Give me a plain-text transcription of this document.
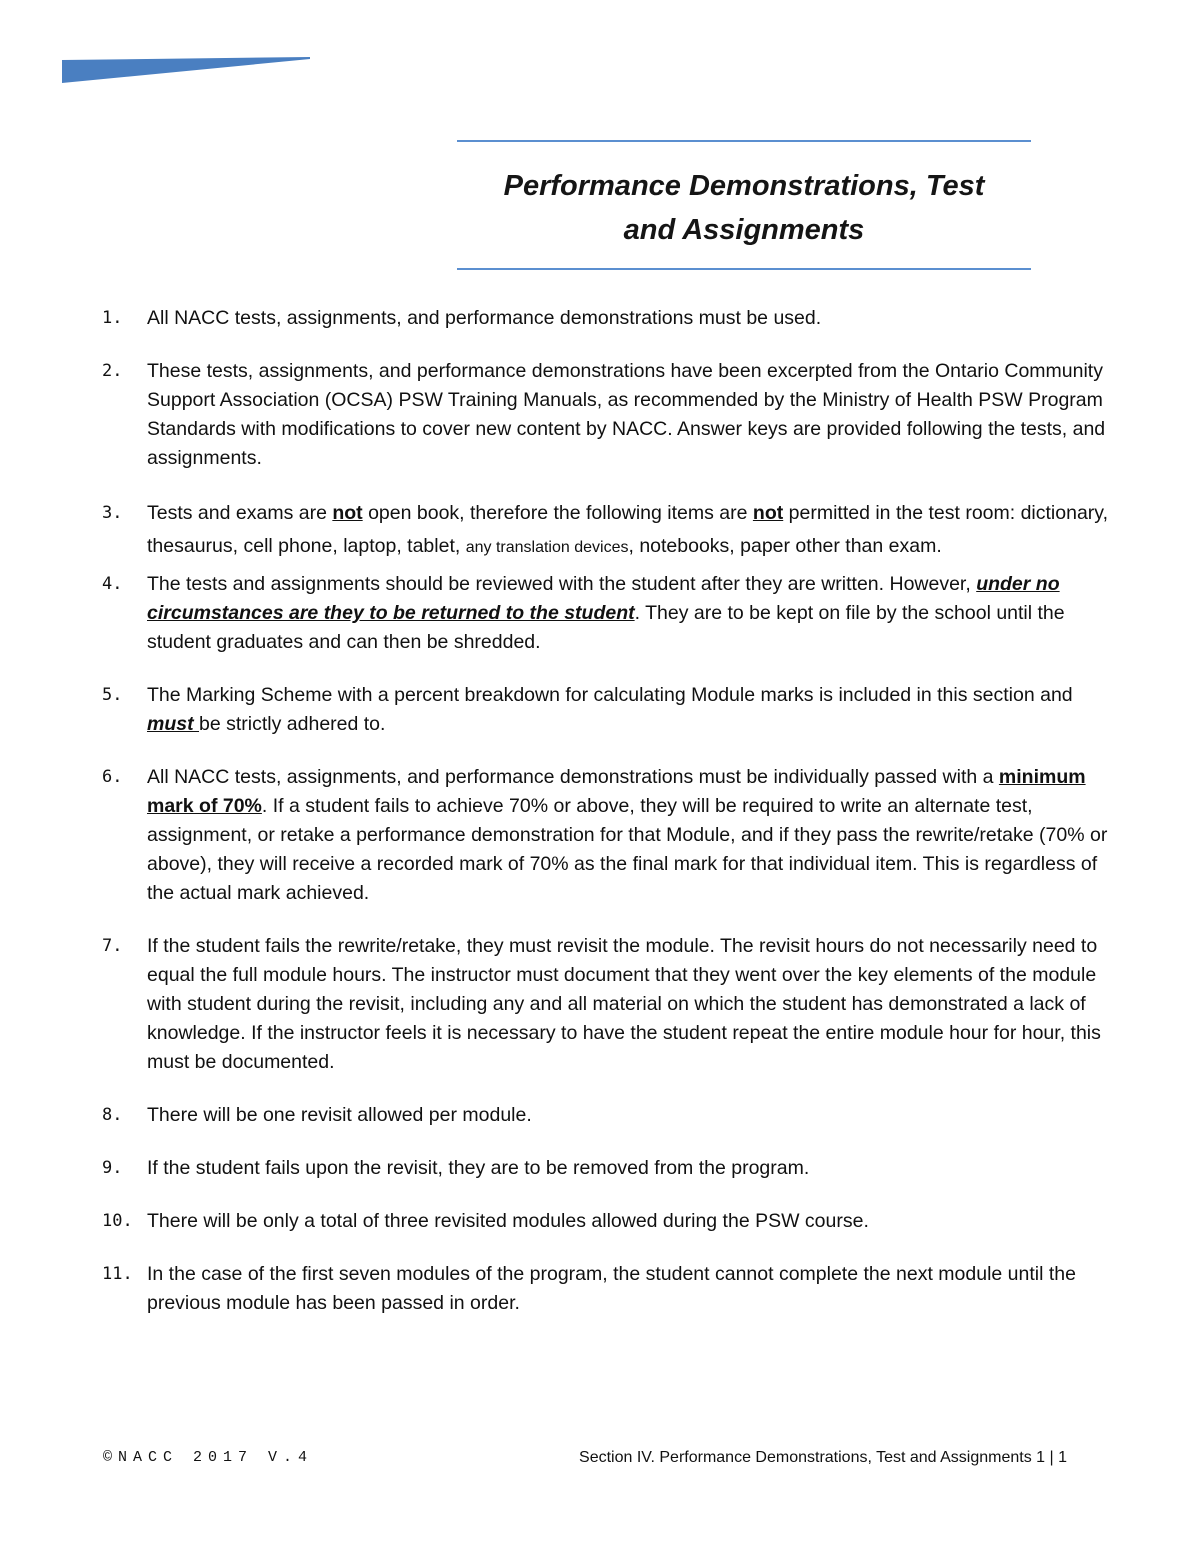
Performance Demonstrations, Test
and Assignments
1.	All NACC tests, assignments, and performance demonstrations must be used.
2.	These tests, assignments, and performance demonstrations have been excerpted from the Ontario Community Support Association (OCSA) PSW Training Manuals, as recommended by the Ministry of Health PSW Program Standards with modifications to cover new content by NACC. Answer keys are provided following the tests, and assignments.
3.	Tests and exams are not open book, therefore the following items are not permitted in the test room: dictionary, thesaurus, cell phone, laptop, tablet, any translation devices, notebooks, paper other than exam.
4.	The tests and assignments should be reviewed with the student after they are written. However, under no circumstances are they to be returned to the student. They are to be kept on file by the school until the student graduates and can then be shredded.
5.	The Marking Scheme with a percent breakdown for calculating Module marks is included in this section and must be strictly adhered to.
6.	All NACC tests, assignments, and performance demonstrations must be individually passed with a minimum mark of 70%. If a student fails to achieve 70% or above, they will be required to write an alternate test, assignment, or retake a performance demonstration for that Module, and if they pass the rewrite/retake (70% or above), they will receive a recorded mark of 70% as the final mark for that individual item. This is regardless of the actual mark achieved.
7.	If the student fails the rewrite/retake, they must revisit the module. The revisit hours do not necessarily need to equal the full module hours. The instructor must document that they went over the key elements of the module with student during the revisit, including any and all material on which the student has demonstrated a lack of knowledge. If the instructor feels it is necessary to have the student repeat the entire module hour for hour, this must be documented.
8.	There will be one revisit allowed per module.
9.	If the student fails upon the revisit, they are to be removed from the program.
10. There will be only a total of three revisited modules allowed during the PSW course.
11. In the case of the first seven modules of the program, the student cannot complete the next module until the previous module has been passed in order.
©NACC 2017 V.4	Section IV. Performance Demonstrations, Test and Assignments 1 | 1
